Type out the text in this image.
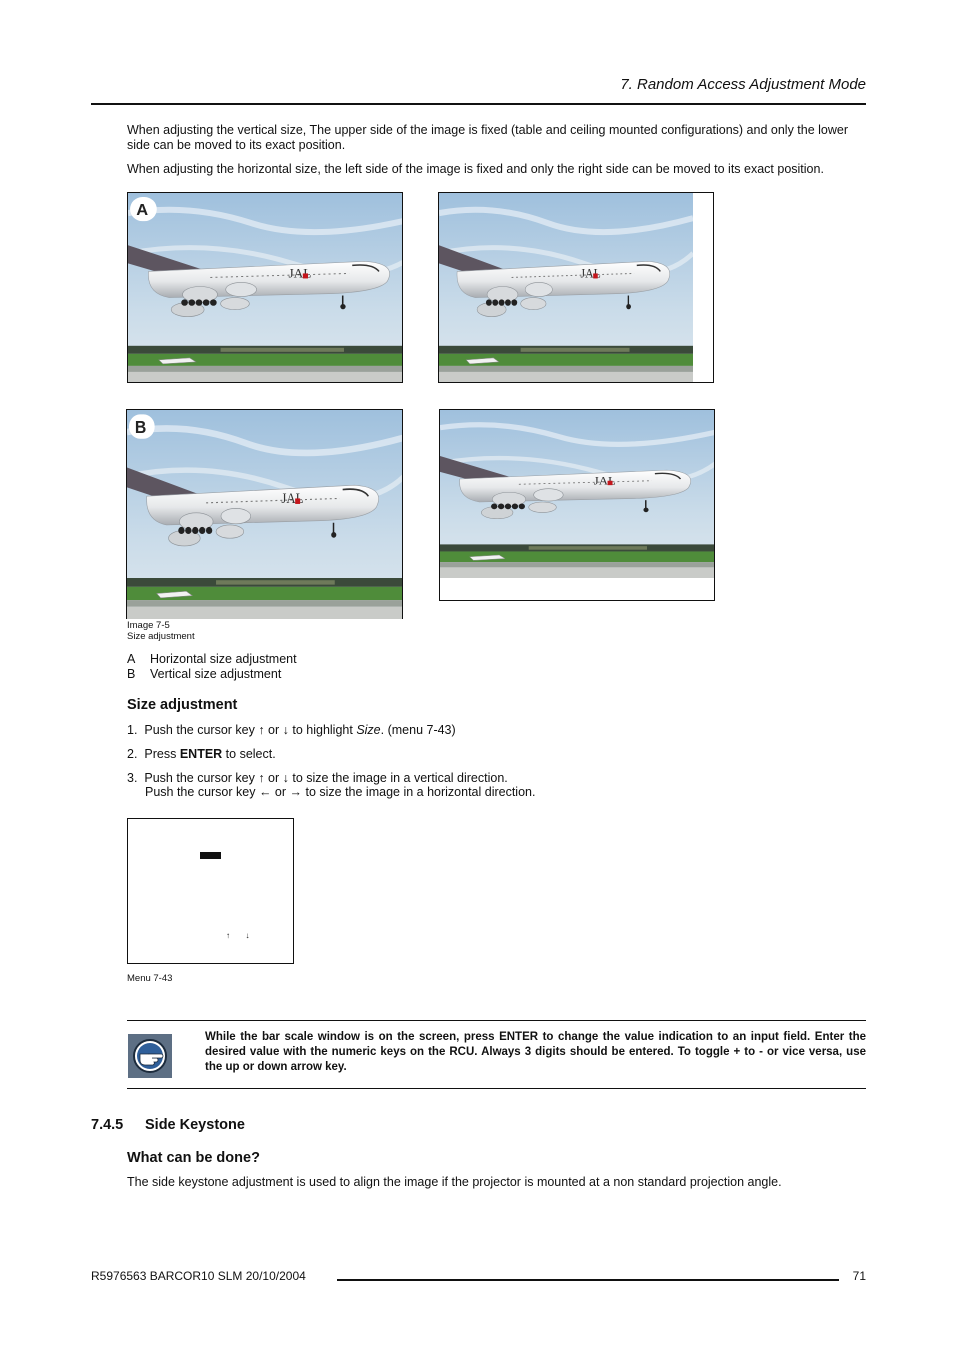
7. Random Access Adjustment Mode
When adjusting the vertical size, The upper side of the image is fixed (table and ceiling mounted configurations) and only the lower side can be moved to its exact position.
When adjusting the horizontal size, the left side of the image is fixed and only the right side can be moved to its exact position.
A
B
Image 7-5
Size adjustment
A Horizontal size adjustment
B Vertical size adjustment
Size adjustment
1. Push the cursor key ↑ or ↓ to highlight Size. (menu 7-43)
2. Press ENTER to select.
3. Push the cursor key ↑ or ↓ to size the image in a vertical direction.
Push the cursor key ← or → to size the image in a horizontal direction.
↑       ↓
Menu 7-43
While the bar scale window is on the screen, press ENTER to change the value indication to an input field. Enter the desired value with the numeric keys on the RCU. Always 3 digits should be entered. To toggle + to - or vice versa, use the up or down arrow key.
7.4.5 Side Keystone
What can be done?
The side keystone adjustment is used to align the image if the projector is mounted at a non standard projection angle.
R5976563 BARCOR10 SLM 20/10/2004	71
